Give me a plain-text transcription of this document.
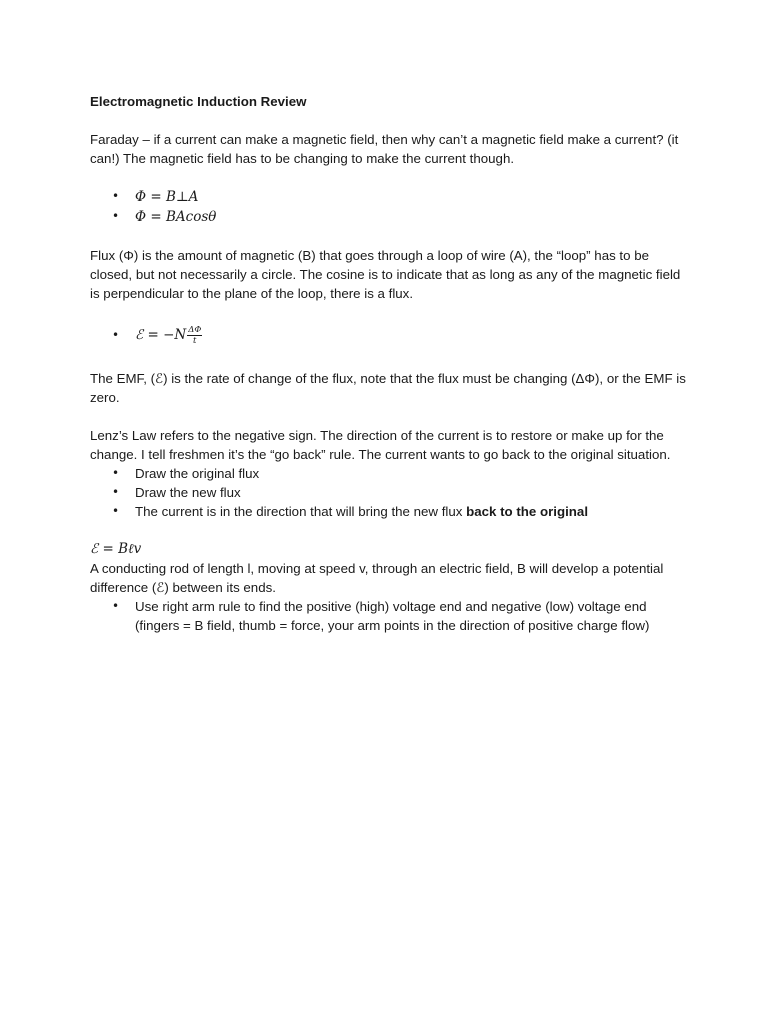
Electromagnetic Induction Review

Faraday – if a current can make a magnetic field, then why can’t a magnetic field make a current? (it can!) The magnetic field has to be changing to make the current though.

• Φ = B⊥A
• Φ = BAcosθ

Flux (Φ) is the amount of magnetic (B) that goes through a loop of wire (A), the “loop” has to be closed, but not necessarily a circle. The cosine is to indicate that as long as any of the magnetic field is perpendicular to the plane of the loop, there is a flux.

• ℰ = $-N \frac{\Delta\Phi}{t}$

The EMF, (ℰ) is the rate of change of the flux, note that the flux must be changing (ΔΦ), or the EMF is zero.

Lenz’s Law refers to the negative sign. The direction of the current is to restore or make up for the change. I tell freshmen it’s the “go back” rule. The current wants to go back to the original situation.

• Draw the original flux
• Draw the new flux
• The current is in the direction that will bring the new flux back to the original
ℰ = Bℓv

A conducting rod of length l, moving at speed v, through an electric field, B will develop a potential difference (ℰ) between its ends.

• Use right arm rule to find the positive (high) voltage end and negative (low) voltage end (fingers = B field, thumb = force, your arm points in the direction of positive charge flow)
